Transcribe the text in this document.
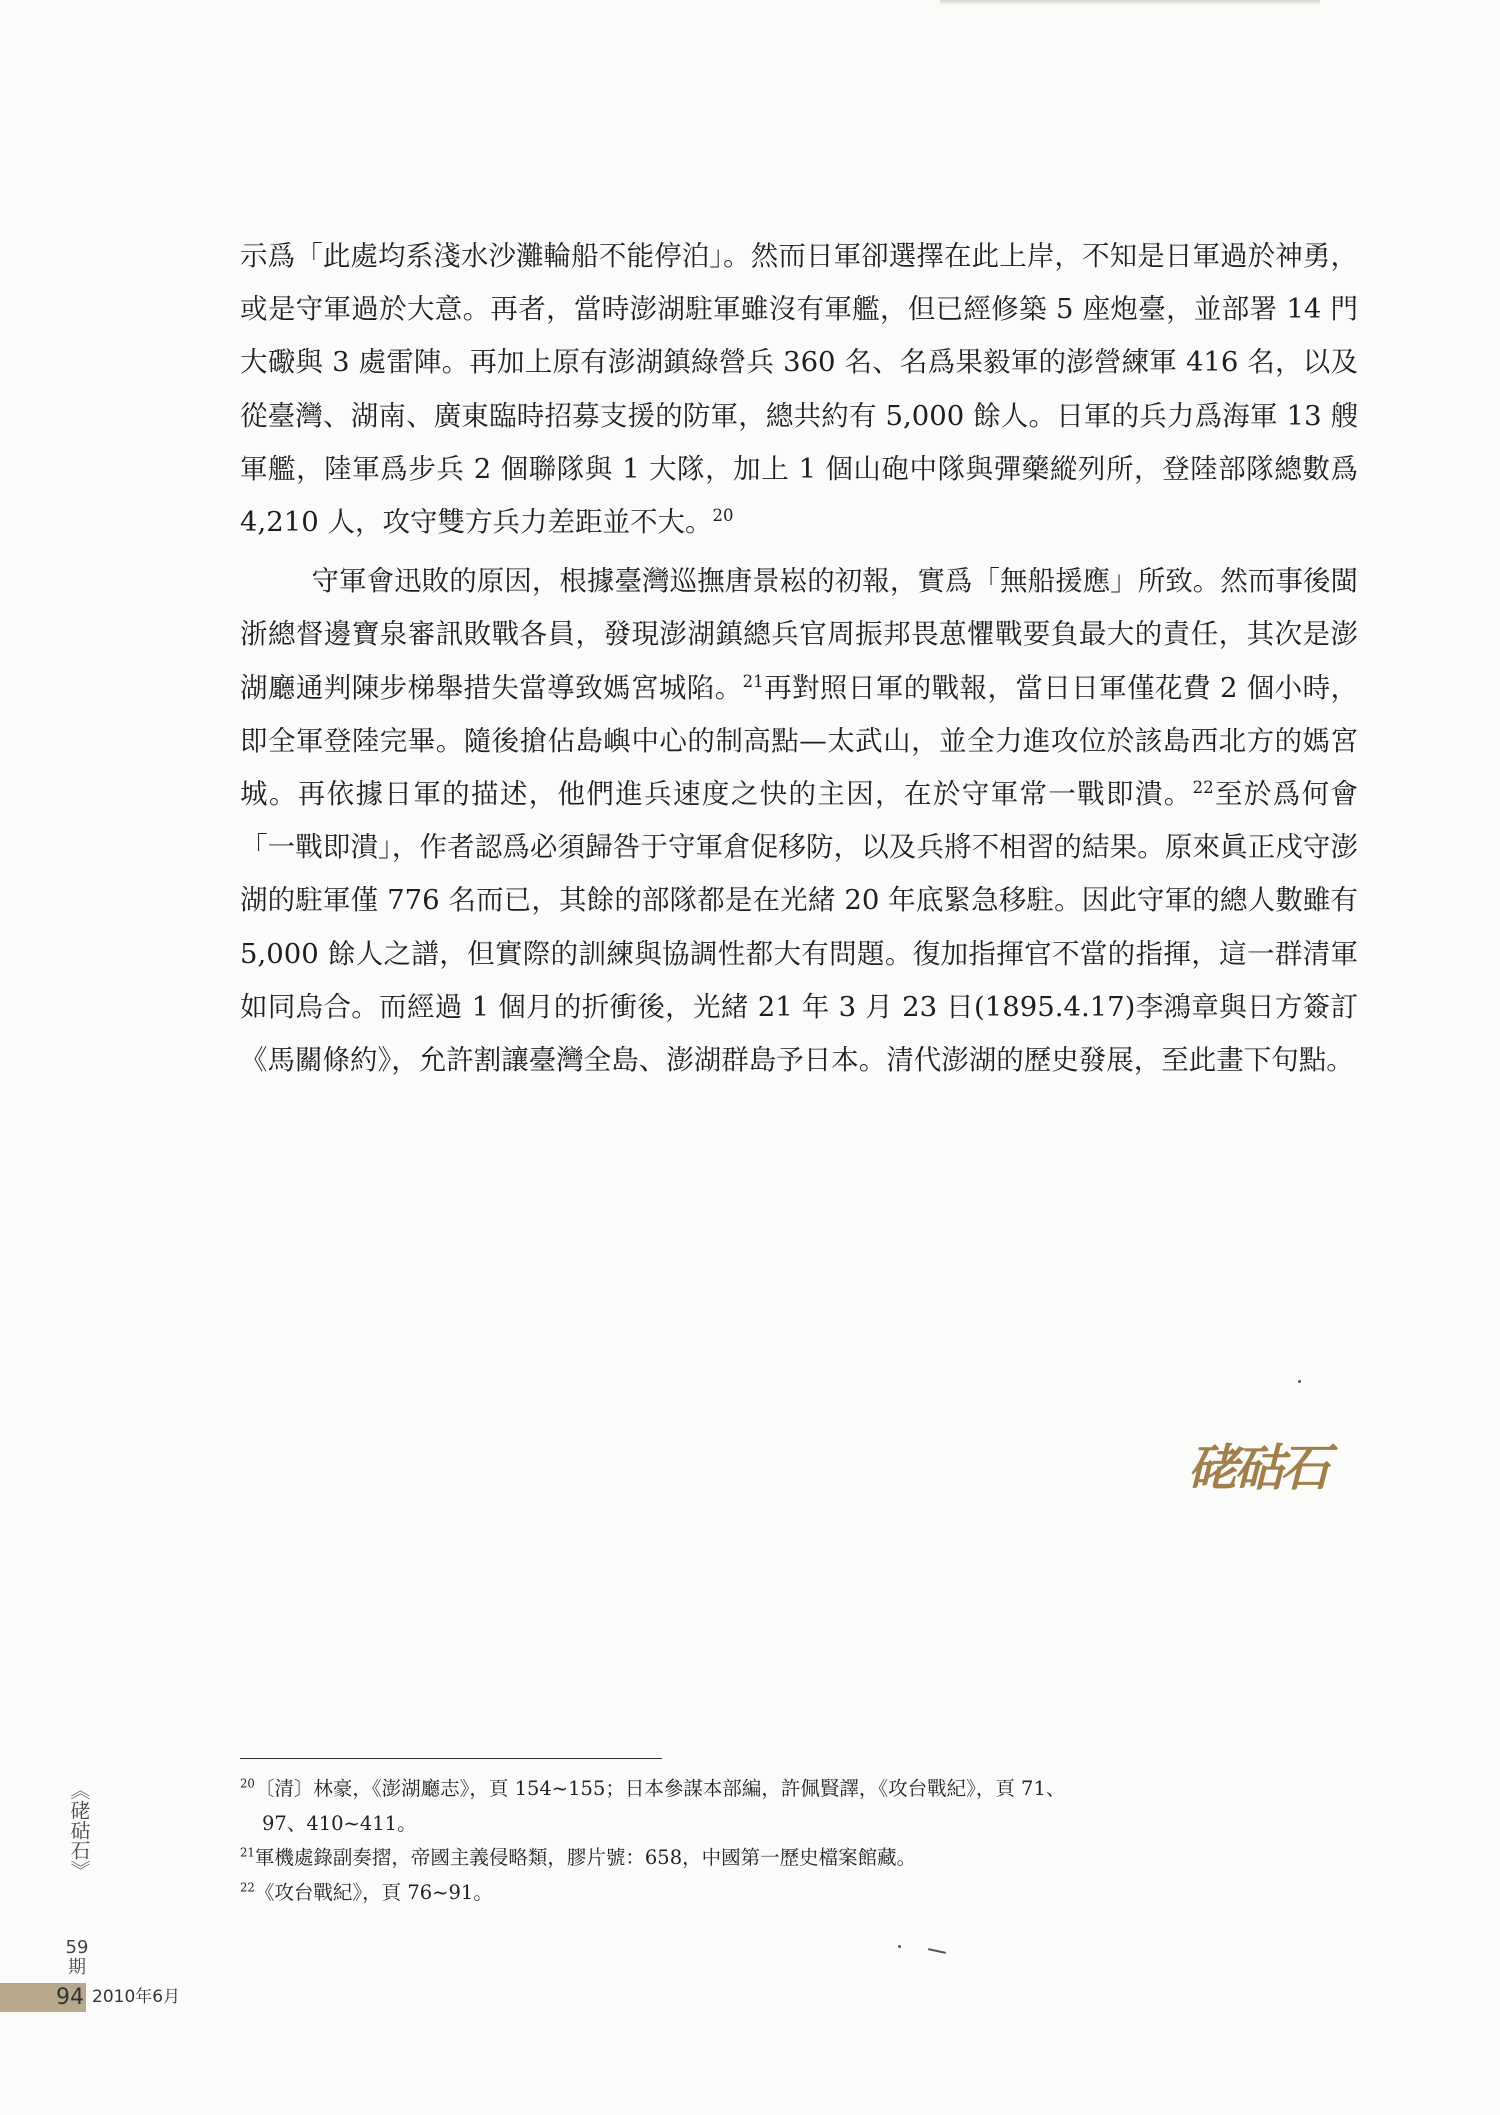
示爲「此處均系淺水沙灘輪船不能停泊」。然而日軍卻選擇在此上岸，不知是日軍過於神勇，或是守軍過於大意。再者，當時澎湖駐軍雖沒有軍艦，但已經修築 5 座炮臺，並部署 14 門大礮與 3 處雷陣。再加上原有澎湖鎮綠營兵 360 名、名爲果毅軍的澎營練軍 416 名，以及從臺灣、湖南、廣東臨時招募支援的防軍，總共約有 5,000 餘人。日軍的兵力爲海軍 13 艘軍艦，陸軍爲步兵 2 個聯隊與 1 大隊，加上 1 個山砲中隊與彈藥縱列所，登陸部隊總數爲 4,210 人，攻守雙方兵力差距並不大。$^{20}$

守軍會迅敗的原因，根據臺灣巡撫唐景崧的初報，實爲「無船援應」所致。然而事後閩浙總督邊寶泉審訊敗戰各員，發現澎湖鎮總兵官周振邦畏葸懼戰要負最大的責任，其次是澎湖廳通判陳步梯舉措失當導致媽宮城陷。$^{21}$再對照日軍的戰報，當日日軍僅花費 2 個小時，即全軍登陸完畢。隨後搶佔島嶼中心的制高點—太武山，並全力進攻位於該島西北方的媽宮城。再依據日軍的描述，他們進兵速度之快的主因，在於守軍常一戰即潰。$^{22}$至於爲何會「一戰即潰」，作者認爲必須歸咎于守軍倉促移防，以及兵將不相習的結果。原來眞正戍守澎湖的駐軍僅 776 名而已，其餘的部隊都是在光緒 20 年底緊急移駐。因此守軍的總人數雖有 5,000 餘人之譜，但實際的訓練與協調性都大有問題。復加指揮官不當的指揮，這一群清軍如同烏合。而經過 1 個月的折衝後，光緒 21 年 3 月 23 日(1895.4.17)李鴻章與日方簽訂《馬關條約》，允許割讓臺灣全島、澎湖群島予日本。清代澎湖的歷史發展，至此畫下句點。

硓𥑮石

$^{20}$〔清〕林豪，《澎湖廳志》，頁 154~155；日本參謀本部編，許佩賢譯，《攻台戰紀》，頁 71、

97、410~411。

$^{21}$軍機處錄副奏摺，帝國主義侵略類，膠片號：658，中國第一歷史檔案館藏。

$^{22}$《攻台戰紀》，頁 76~91。

《硓𥑮石》
59期
94 2010年6月
